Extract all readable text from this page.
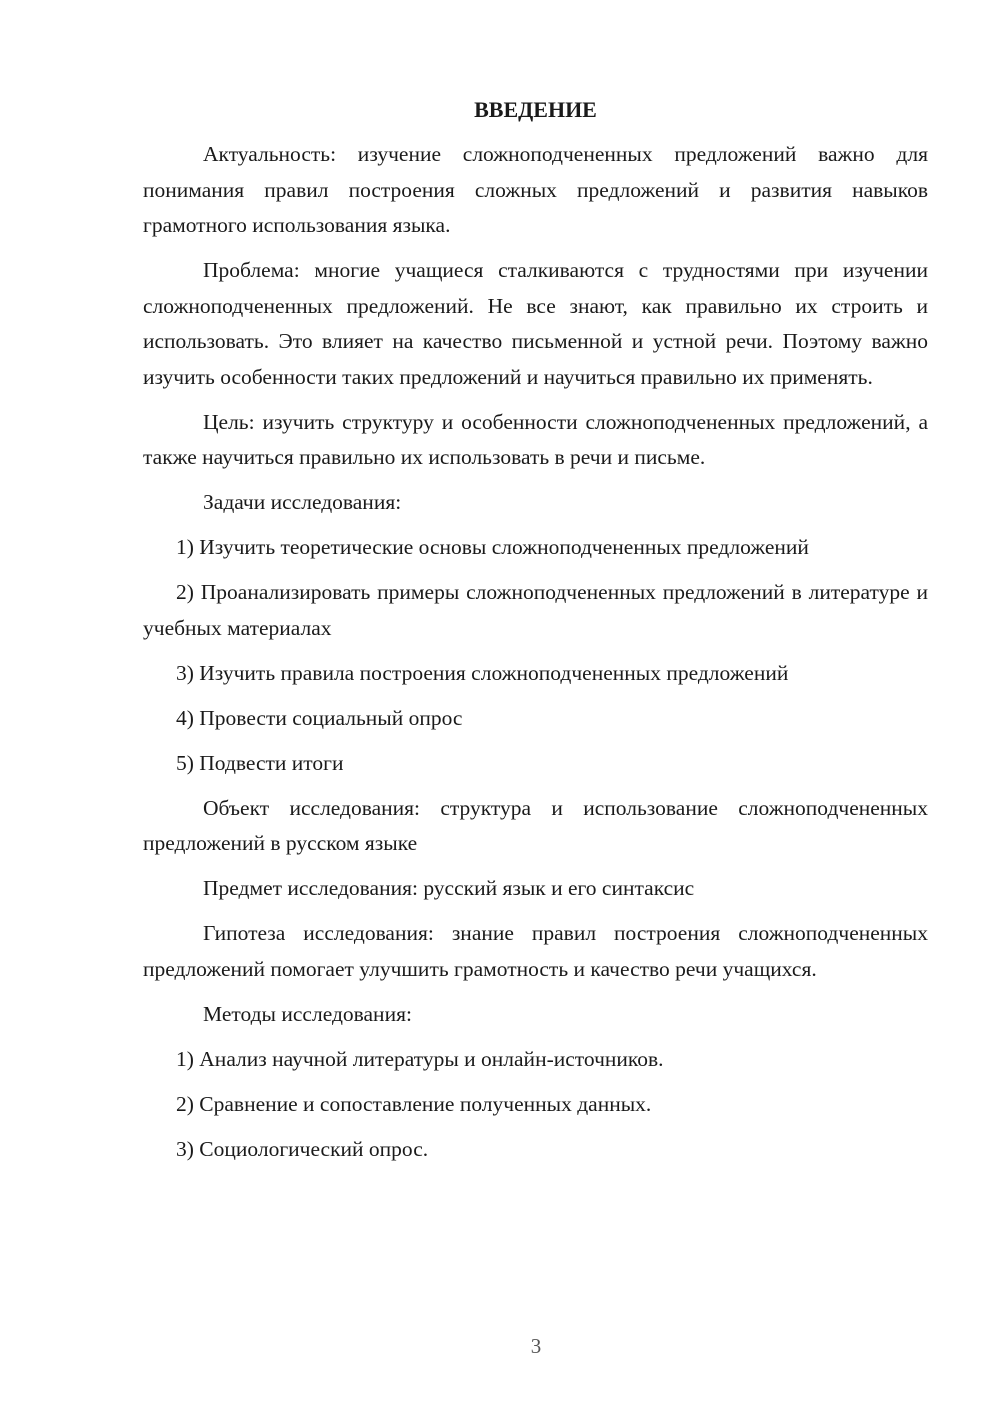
ВВЕДЕНИЕ

Актуальность: изучение сложноподчененных предложений важно для понимания правил построения сложных предложений и развития навыков грамотного использования языка.

Проблема: многие учащиеся сталкиваются с трудностями при изучении сложноподчененных предложений. Не все знают, как правильно их строить и использовать. Это влияет на качество письменной и устной речи. Поэтому важно изучить особенности таких предложений и научиться правильно их применять.

Цель: изучить структуру и особенности сложноподчененных предложений, а также научиться правильно их использовать в речи и письме.

Задачи исследования:

1) Изучить теоретические основы сложноподчененных предложений

2) Проанализировать примеры сложноподчененных предложений в литературе и учебных материалах

3) Изучить правила построения сложноподчененных предложений

4) Провести социальный опрос

5) Подвести итоги

Объект исследования: структура и использование сложноподчененных предложений в русском языке

Предмет исследования: русский язык и его синтаксис

Гипотеза исследования: знание правил построения сложноподчененных предложений помогает улучшить грамотность и качество речи учащихся.

Методы исследования:

1) Анализ научной литературы и онлайн-источников.

2) Сравнение и сопоставление полученных данных.

3) Социологический опрос.

3
